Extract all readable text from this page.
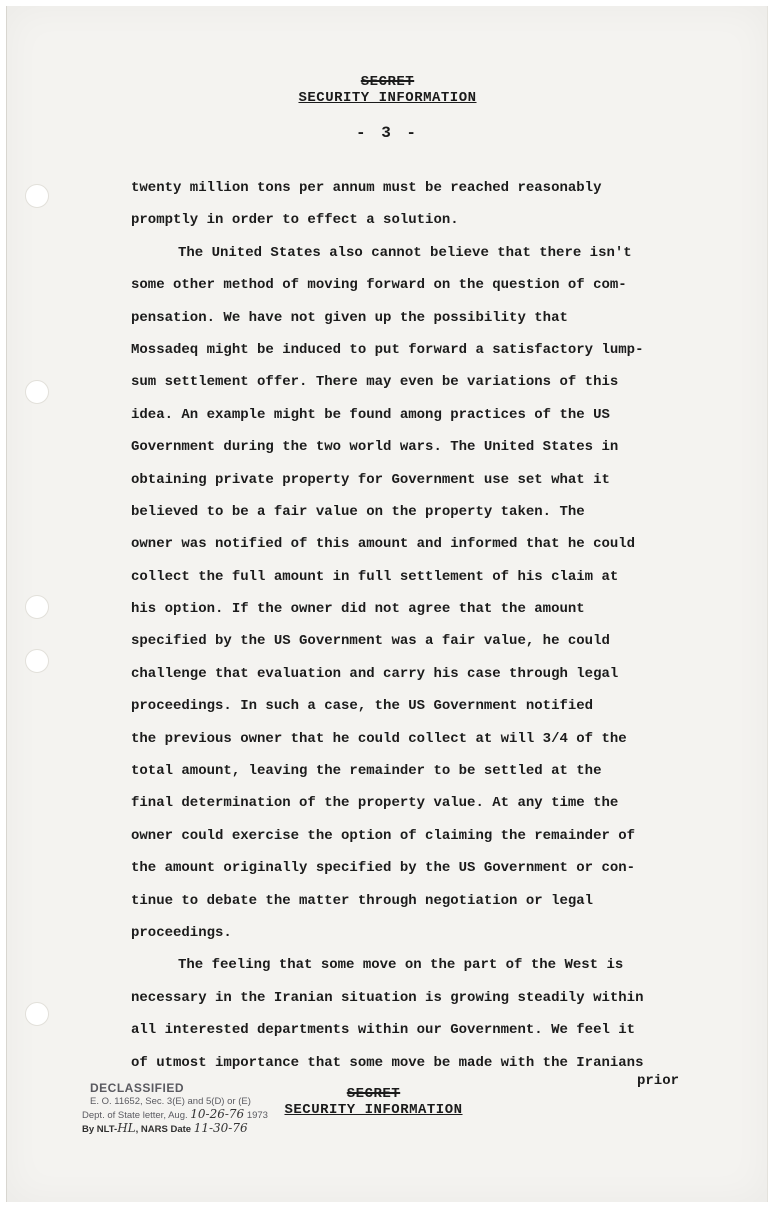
SECRET
SECURITY INFORMATION
- 3 -
twenty million tons per annum must be reached reasonably
promptly in order to effect a solution.
The United States also cannot believe that there isn't
some other method of moving forward on the question of com-
pensation. We have not given up the possibility that
Mossadeq might be induced to put forward a satisfactory lump-
sum settlement offer. There may even be variations of this
idea. An example might be found among practices of the US
Government during the two world wars. The United States in
obtaining private property for Government use set what it
believed to be a fair value on the property taken. The
owner was notified of this amount and informed that he could
collect the full amount in full settlement of his claim at
his option. If the owner did not agree that the amount
specified by the US Government was a fair value, he could
challenge that evaluation and carry his case through legal
proceedings. In such a case, the US Government notified
the previous owner that he could collect at will 3/4 of the
total amount, leaving the remainder to be settled at the
final determination of the property value. At any time the
owner could exercise the option of claiming the remainder of
the amount originally specified by the US Government or con-
tinue to debate the matter through negotiation or legal
proceedings.
The feeling that some move on the part of the West is
necessary in the Iranian situation is growing steadily within
all interested departments within our Government. We feel it
of utmost importance that some move be made with the Iranians
prior
SECRET
SECURITY INFORMATION
DECLASSIFIED
E. O. 11652, Sec. 3(E) and 5(D) or (E)
Dept. of State letter, Aug. 10-26-76 1973
By NLT-HL, NARS Date 11-30-76
